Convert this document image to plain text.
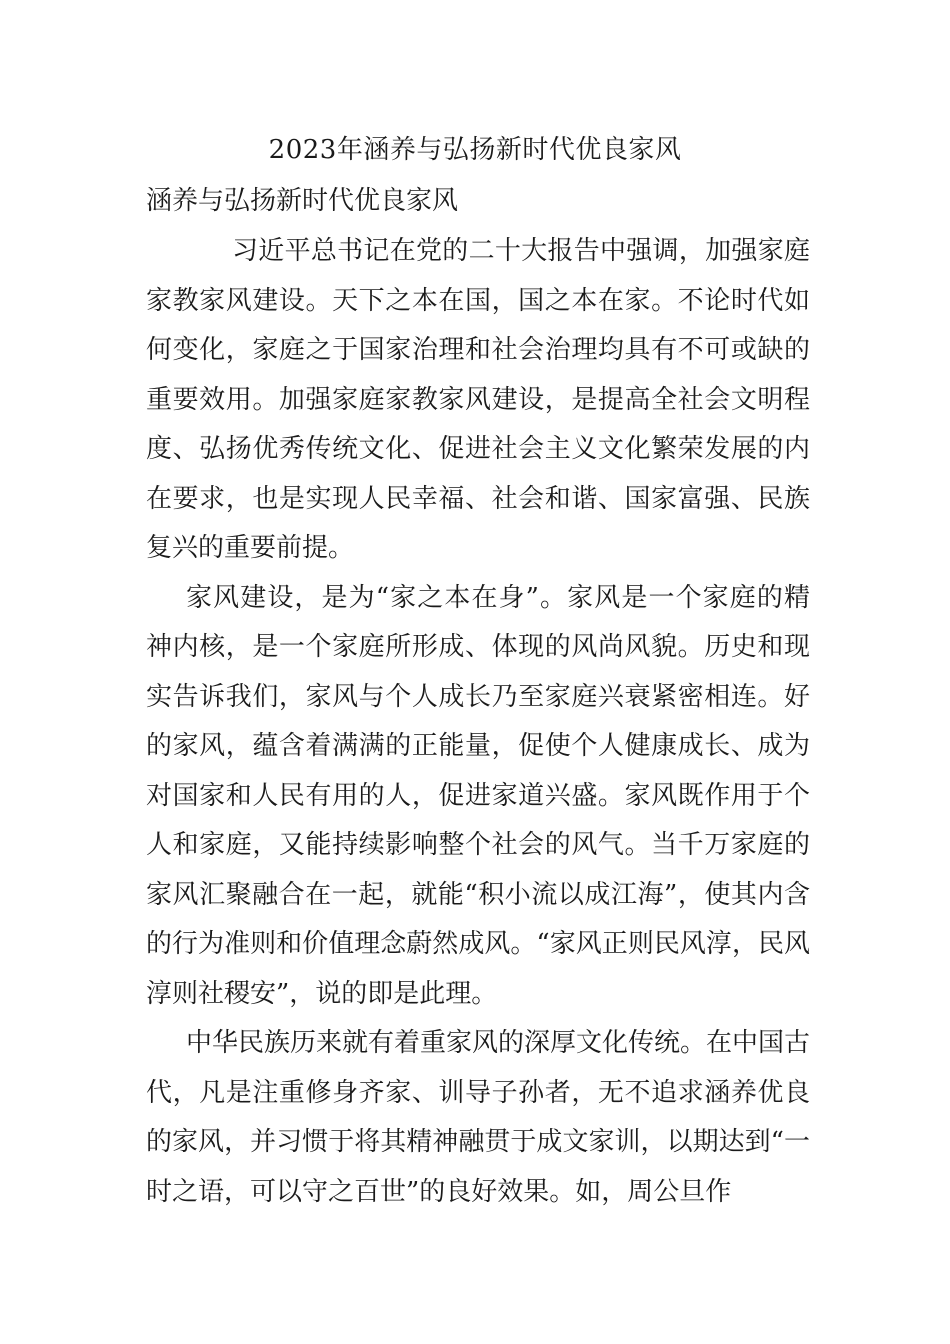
2023年涵养与弘扬新时代优良家风
涵养与弘扬新时代优良家风

习近平总书记在党的二十大报告中强调，加强家庭家教家风建设。天下之本在国，国之本在家。不论时代如何变化，家庭之于国家治理和社会治理均具有不可或缺的重要效用。加强家庭家教家风建设，是提高全社会文明程度、弘扬优秀传统文化、促进社会主义文化繁荣发展的内在要求，也是实现人民幸福、社会和谐、国家富强、民族复兴的重要前提。

家风建设，是为“家之本在身”。家风是一个家庭的精神内核，是一个家庭所形成、体现的风尚风貌。历史和现实告诉我们，家风与个人成长乃至家庭兴衰紧密相连。好的家风，蕴含着满满的正能量，促使个人健康成长、成为对国家和人民有用的人，促进家道兴盛。家风既作用于个人和家庭，又能持续影响整个社会的风气。当千万家庭的家风汇聚融合在一起，就能“积小流以成江海”，使其内含的行为准则和价值理念蔚然成风。“家风正则民风淳，民风淳则社稷安”，说的即是此理。

中华民族历来就有着重家风的深厚文化传统。在中国古代，凡是注重修身齐家、训导子孙者，无不追求涵养优良的家风，并习惯于将其精神融贯于成文家训，以期达到“一时之语，可以守之百世”的良好效果。如，周公旦作
